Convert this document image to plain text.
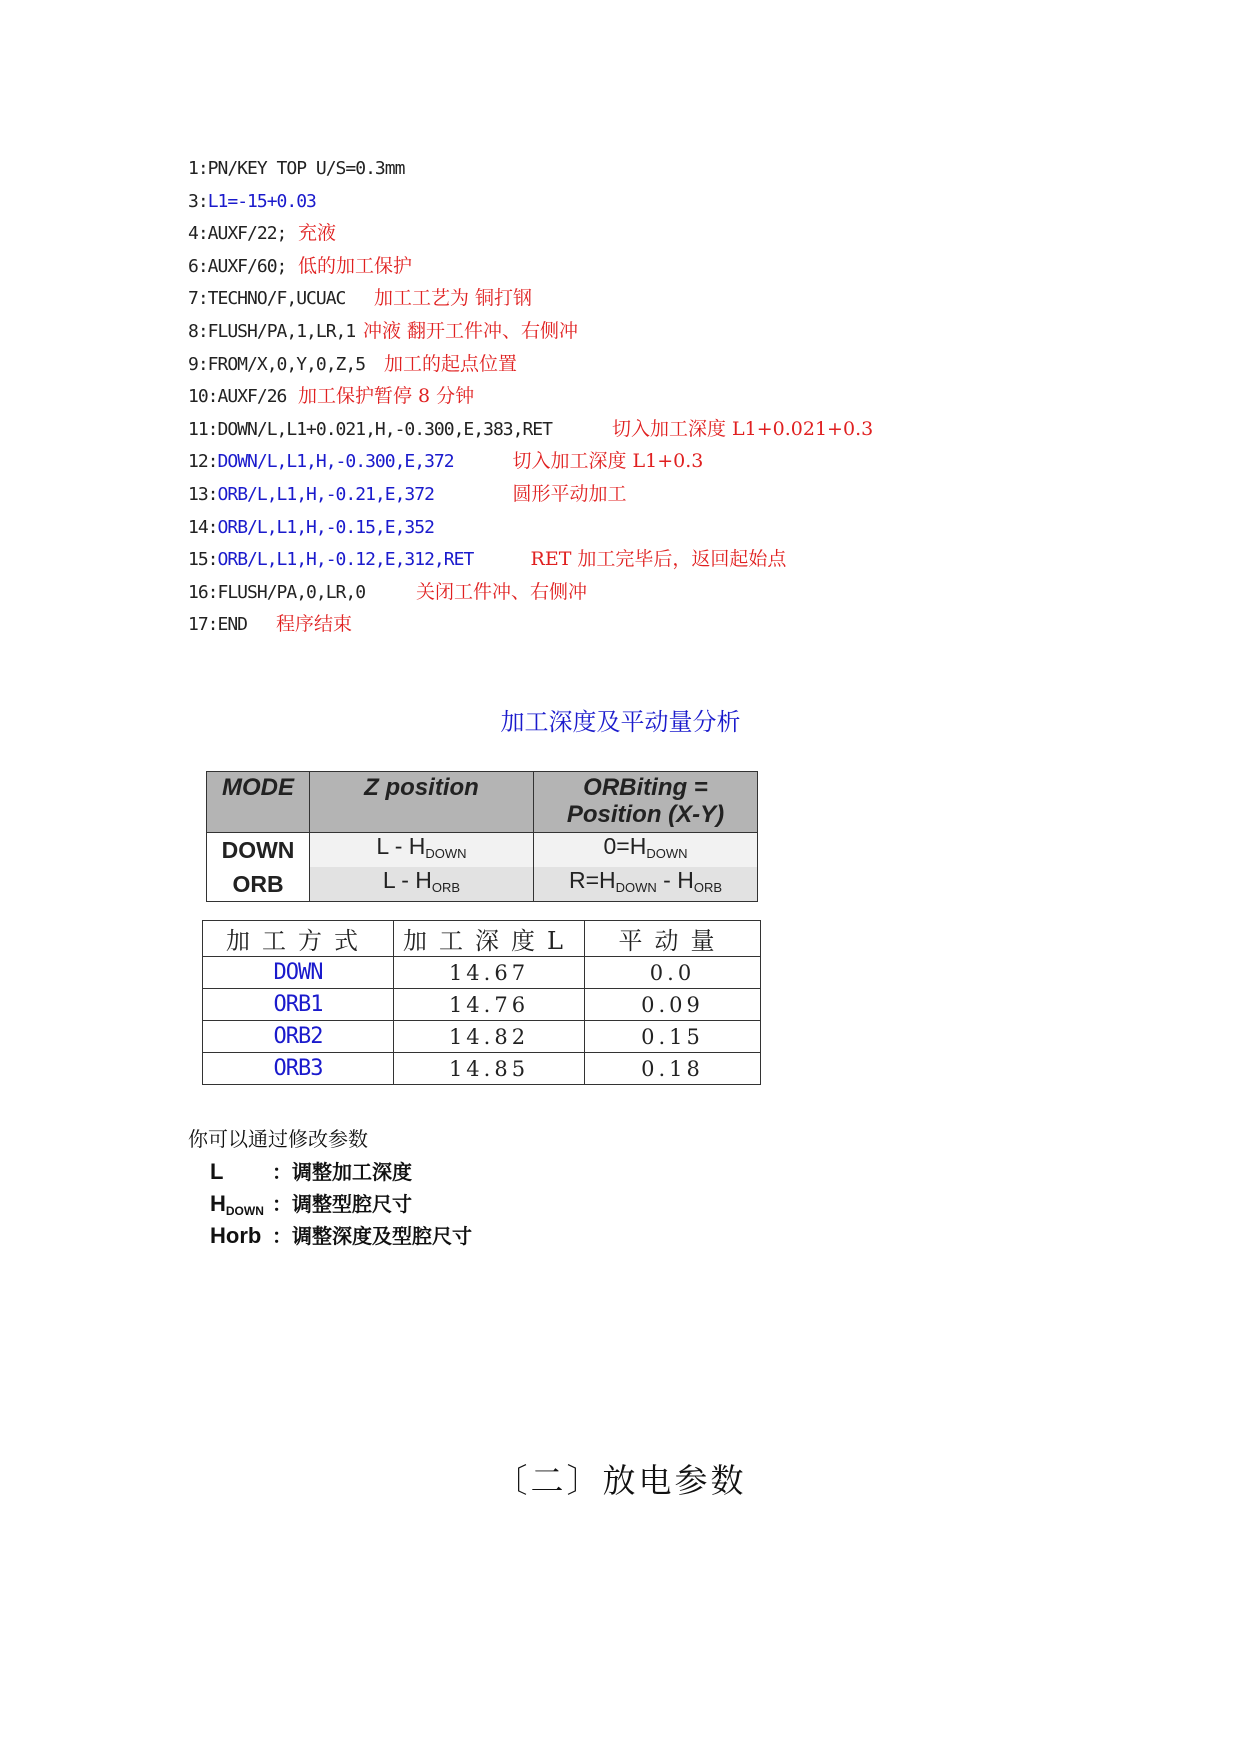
1:PN/KEY TOP U/S=0.3mm
3:L1=-15+0.03
4:AUXF/22; 充液
6:AUXF/60; 低的加工保护
7:TECHNO/F,UCUAC 加工工艺为 铜打钢
8:FLUSH/PA,1,LR,1 冲液 翻开工件冲、右侧冲
9:FROM/X,0,Y,0,Z,5 加工的起点位置
10:AUXF/26 加工保护暂停 8 分钟
11:DOWN/L,L1+0.021,H,-0.300,E,383,RET	切入加工深度 L1+0.021+0.3
12:DOWN/L,L1,H,-0.300,E,372	切入加工深度 L1+0.3
13:ORB/L,L1,H,-0.21,E,372	圆形平动加工
14:ORB/L,L1,H,-0.15,E,352
15:ORB/L,L1,H,-0.12,E,312,RET	RET 加工完毕后，返回起始点
16:FLUSH/PA,0,LR,0	关闭工件冲、右侧冲
17:END 程序结束
加工深度及平动量分析
MODE	Z position	ORBiting =
Position (X-Y)
DOWN	L - $H_{DOWN}$	$0=H_{DOWN}$
ORB	L - $H_{ORB}$	$R=H_{DOWN} - H_{ORB}$
加工方式	加工深度L	平动量
DOWN	14.67	0.0
ORB1	14.76	0.09
ORB2	14.82	0.15
ORB3	14.85	0.18
你可以通过修改参数
L ：调整加工深度
$H_{DOWN}$ ：调整型腔尺寸
Horb ：调整深度及型腔尺寸
〔二〕放电参数
